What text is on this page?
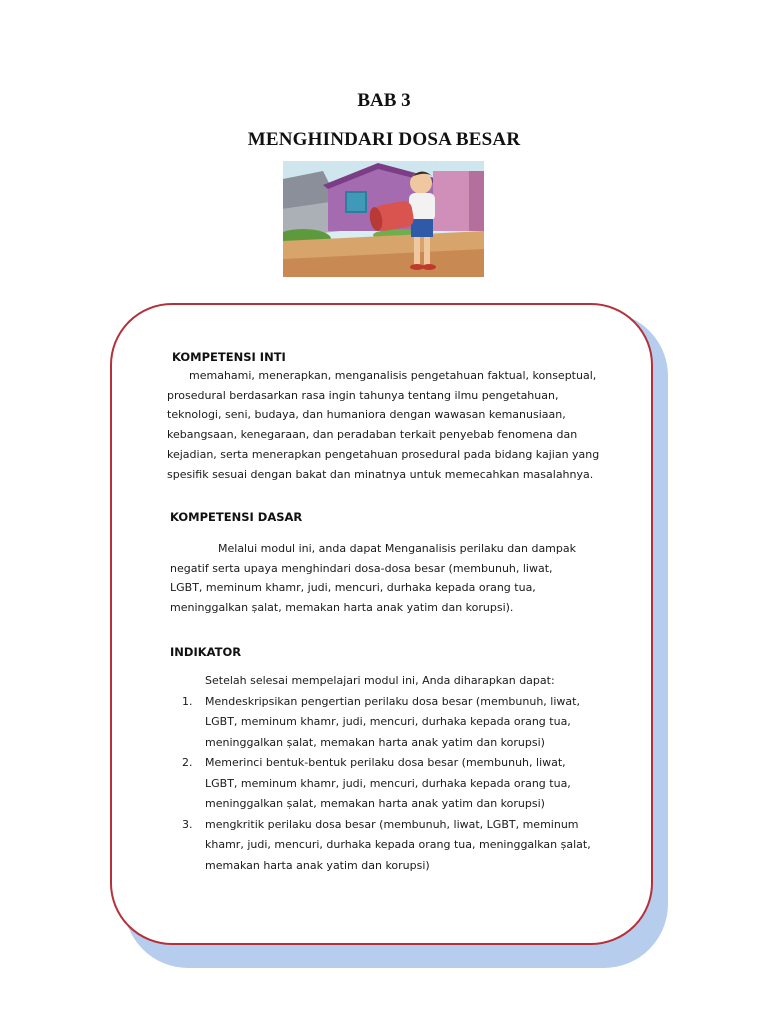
BAB 3
MENGHINDARI DOSA BESAR
KOMPETENSI INTI
memahami, menerapkan, menganalisis pengetahuan faktual, konseptual,
prosedural berdasarkan rasa ingin tahunya tentang ilmu pengetahuan,
teknologi, seni, budaya, dan humaniora dengan wawasan kemanusiaan,
kebangsaan, kenegaraan, dan peradaban terkait penyebab fenomena dan
kejadian, serta menerapkan pengetahuan prosedural pada bidang kajian yang
spesifik sesuai dengan bakat dan minatnya untuk memecahkan masalahnya.
KOMPETENSI DASAR
Melalui modul ini, anda dapat Menganalisis perilaku dan dampak
negatif serta upaya menghindari dosa-dosa besar (membunuh, liwat,
LGBT, meminum khamr, judi, mencuri, durhaka kepada orang tua,
meninggalkan ṣalat, memakan harta anak yatim dan korupsi).
INDIKATOR
Setelah selesai mempelajari modul ini, Anda diharapkan dapat:
1. Mendeskripsikan pengertian perilaku dosa besar (membunuh, liwat,
LGBT, meminum khamr, judi, mencuri, durhaka kepada orang tua,
meninggalkan ṣalat, memakan harta anak yatim dan korupsi)
2. Memerinci bentuk-bentuk perilaku dosa besar (membunuh, liwat,
LGBT, meminum khamr, judi, mencuri, durhaka kepada orang tua,
meninggalkan ṣalat, memakan harta anak yatim dan korupsi)
3. mengkritik perilaku dosa besar (membunuh, liwat, LGBT, meminum
khamr, judi, mencuri, durhaka kepada orang tua, meninggalkan ṣalat,
memakan harta anak yatim dan korupsi)
